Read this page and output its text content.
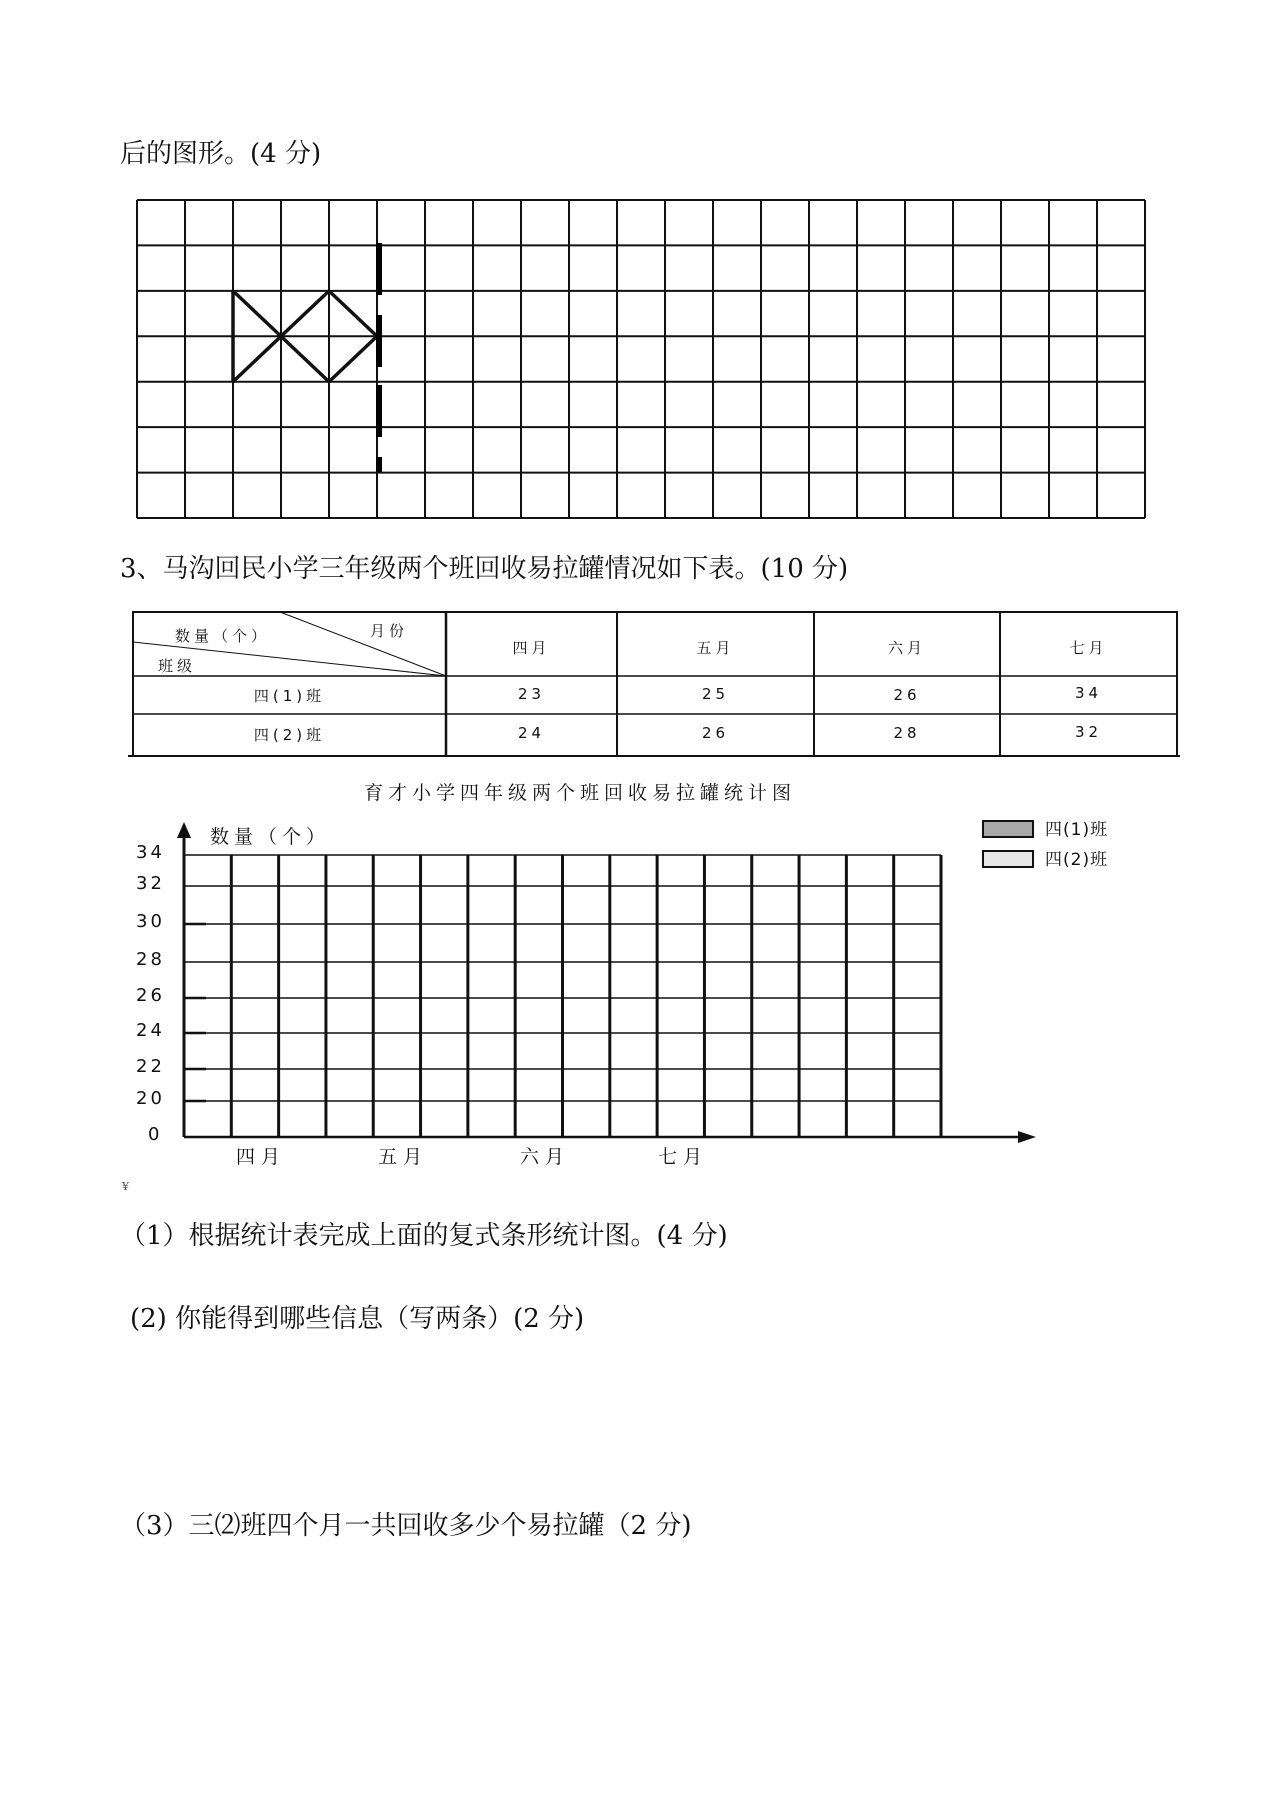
后的图形。(4 分)
3、马沟回民小学三年级两个班回收易拉罐情况如下表。(10 分)
数量（个）	月份
班级
四月	五月	六月	七月
四(1)班	23	25	26	34
四(2)班	24	26	28	32
育才小学四年级两个班回收易拉罐统计图
数量（个）
34
32
30
28
26
24
22
20
0
四月	五月	六月	七月
四(1)班
四(2)班
¥
（1）根据统计表完成上面的复式条形统计图。(4 分)
(2) 你能得到哪些信息（写两条）(2 分)
（3）三⑵班四个月一共回收多少个易拉罐（2 分)
